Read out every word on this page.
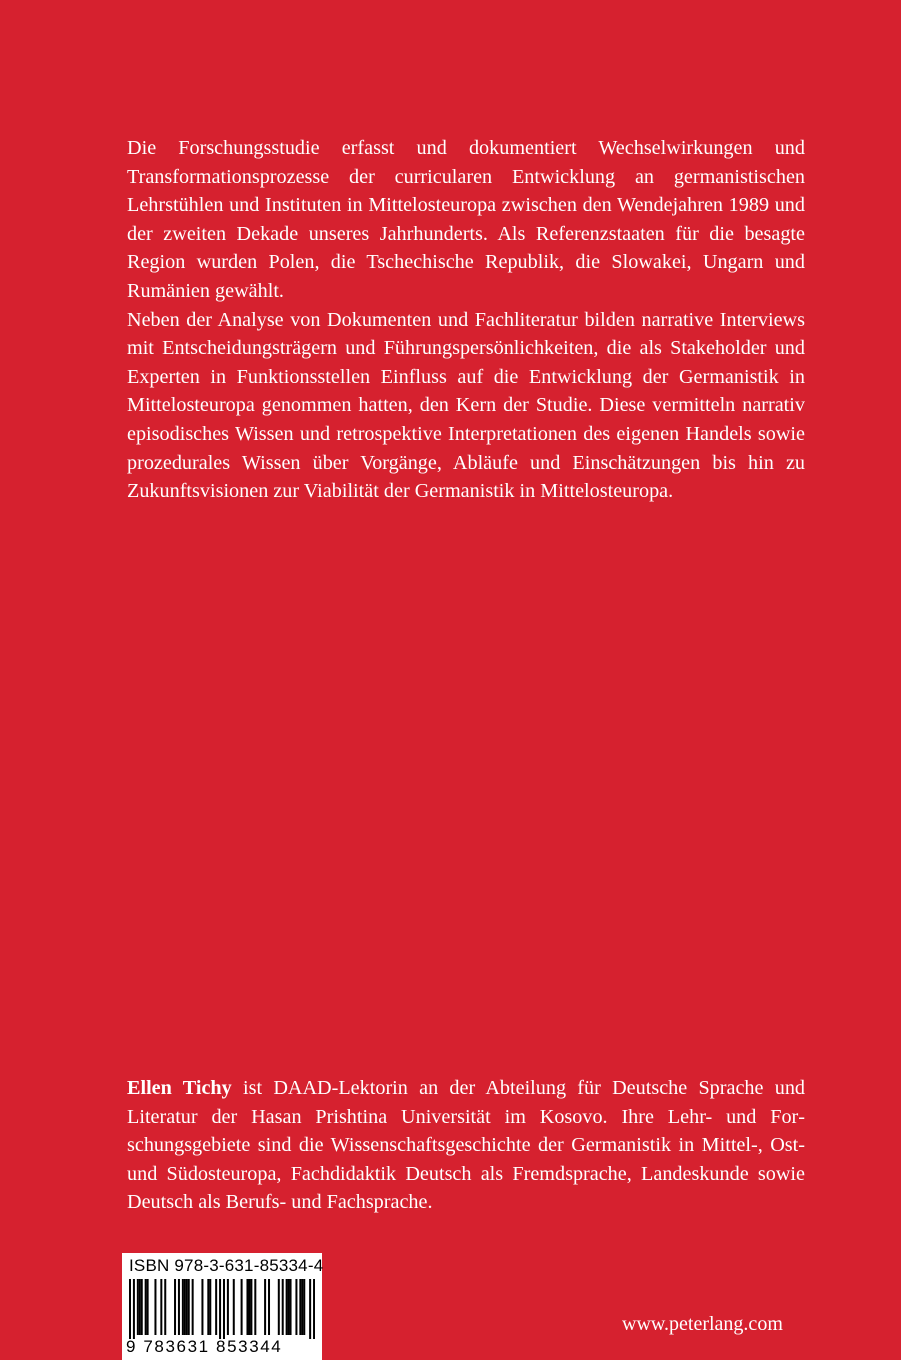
Die Forschungsstudie erfasst und dokumentiert Wechselwirkungen und Transformationsprozesse der curricularen Entwicklung an germanistischen Lehrstühlen und Instituten in Mittelosteuropa zwischen den Wendejahren 1989 und der zweiten Dekade unseres Jahrhunderts. Als Referenzstaaten für die besagte Region wurden Polen, die Tschechische Republik, die Slowakei, Ungarn und Rumänien gewählt.

Neben der Analyse von Dokumenten und Fachliteratur bilden narrative Interviews mit Entscheidungsträgern und Führungspersönlichkeiten, die als Stakeholder und Experten in Funktionsstellen Einfluss auf die Entwicklung der Germanistik in Mittelosteuropa genommen hatten, den Kern der Studie. Diese vermitteln narrativ episodisches Wissen und retrospektive Interpretationen des eigenen Handels sowie prozedurales Wissen über Vorgänge, Abläufe und Einschätzungen bis hin zu Zukunftsvisionen zur Viabilität der Germanistik in Mittelosteuropa.

Ellen Tichy ist DAAD-Lektorin an der Abteilung für Deutsche Sprache und Literatur der Hasan Prishtina Universität im Kosovo. Ihre Lehr- und Forschungsgebiete sind die Wissenschaftsgeschichte der Germanistik in Mittel-, Ost- und Südosteuropa, Fachdidaktik Deutsch als Fremdsprache, Landeskunde sowie Deutsch als Berufs- und Fachsprache.

ISBN 978-3-631-85334-4
9 783631 853344
www.peterlang.com
